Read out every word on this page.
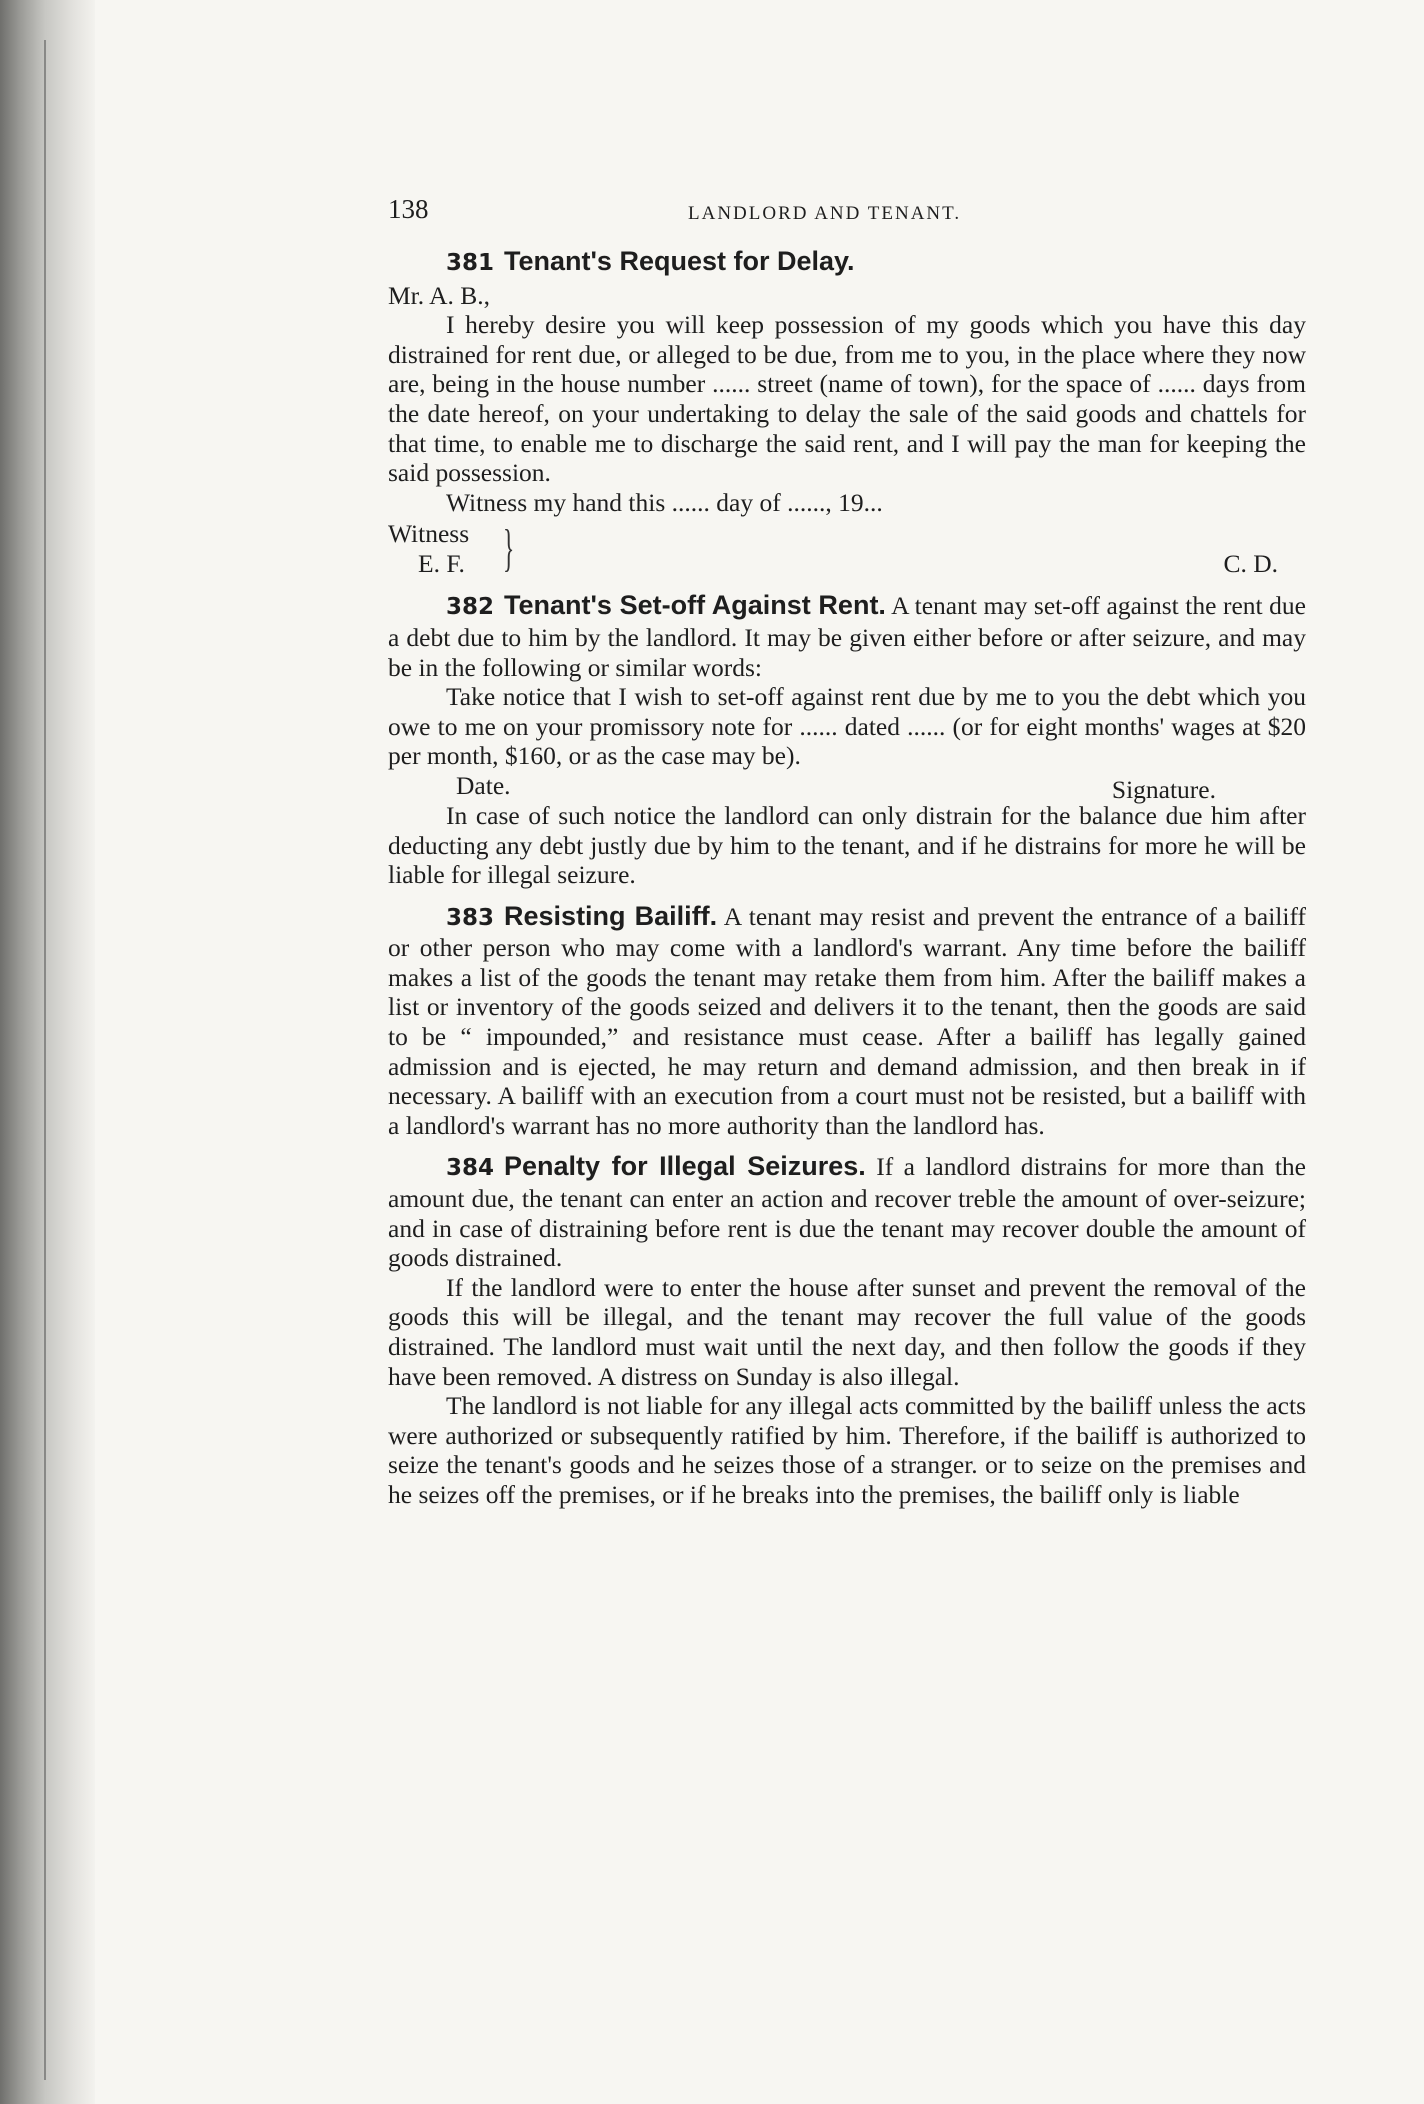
138	LANDLORD AND TENANT.

381 Tenant's Request for Delay.

Mr. A. B.,

I hereby desire you will keep possession of my goods which you have this day distrained for rent due, or alleged to be due, from me to you, in the place where they now are, being in the house number ...... street (name of town), for the space of ...... days from the date hereof, on your undertaking to delay the sale of the said goods and chattels for that time, to enable me to discharge the said rent, and I will pay the man for keeping the said possession.

Witness my hand this ...... day of ......, 19...

Witness
E. F. }	C. D.

382 Tenant's Set-off Against Rent. A tenant may set-off against the rent due a debt due to him by the landlord. It may be given either before or after seizure, and may be in the following or similar words:

Take notice that I wish to set-off against rent due by me to you the debt which you owe to me on your promissory note for ...... dated ...... (or for eight months' wages at $20 per month, $160, or as the case may be).

Date.	Signature.

In case of such notice the landlord can only distrain for the balance due him after deducting any debt justly due by him to the tenant, and if he distrains for more he will be liable for illegal seizure.

383 Resisting Bailiff. A tenant may resist and prevent the entrance of a bailiff or other person who may come with a landlord's warrant. Any time before the bailiff makes a list of the goods the tenant may retake them from him. After the bailiff makes a list or inventory of the goods seized and delivers it to the tenant, then the goods are said to be “ impounded,” and resistance must cease. After a bailiff has legally gained admission and is ejected, he may return and demand admission, and then break in if necessary. A bailiff with an execution from a court must not be resisted, but a bailiff with a landlord's warrant has no more authority than the landlord has.

384 Penalty for Illegal Seizures. If a landlord distrains for more than the amount due, the tenant can enter an action and recover treble the amount of over-seizure; and in case of distraining before rent is due the tenant may recover double the amount of goods distrained.

If the landlord were to enter the house after sunset and prevent the removal of the goods this will be illegal, and the tenant may recover the full value of the goods distrained. The landlord must wait until the next day, and then follow the goods if they have been removed. A distress on Sunday is also illegal.

The landlord is not liable for any illegal acts committed by the bailiff unless the acts were authorized or subsequently ratified by him. Therefore, if the bailiff is authorized to seize the tenant's goods and he seizes those of a stranger. or to seize on the premises and he seizes off the premises, or if he breaks into the premises, the bailiff only is liable
